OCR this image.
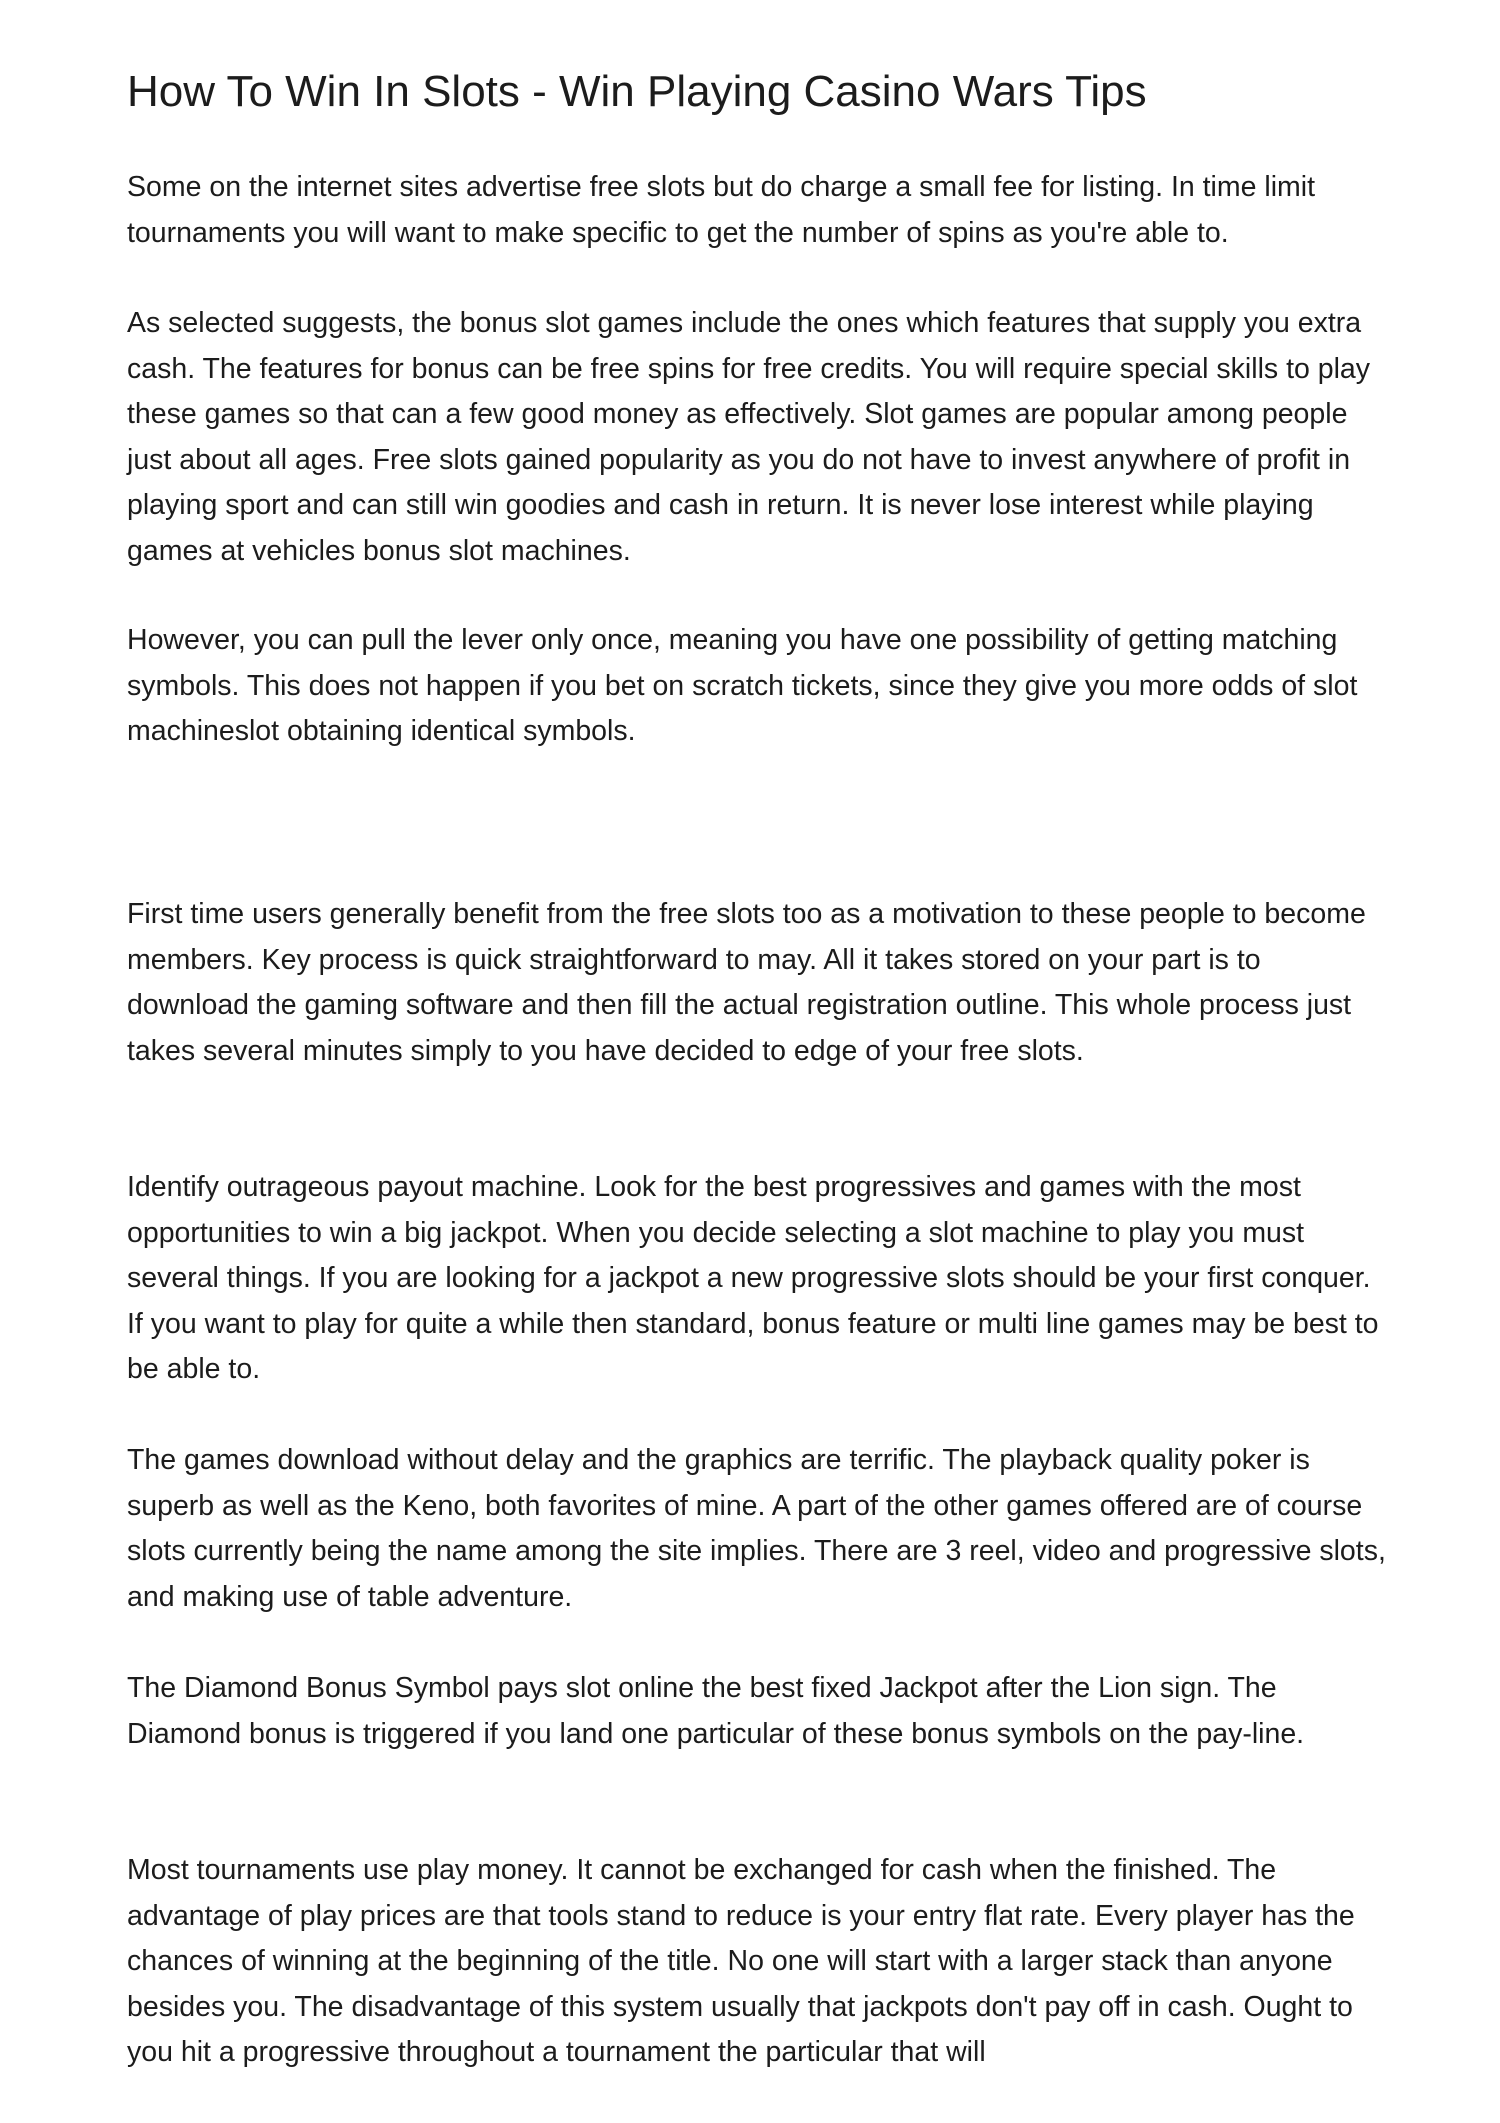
How To Win In Slots - Win Playing Casino Wars Tips

Some on the internet sites advertise free slots but do charge a small fee for listing. In time limit tournaments you will want to make specific to get the number of spins as you're able to.

As selected suggests, the bonus slot games include the ones which features that supply you extra cash. The features for bonus can be free spins for free credits. You will require special skills to play these games so that can a few good money as effectively. Slot games are popular among people just about all ages. Free slots gained popularity as you do not have to invest anywhere of profit in playing sport and can still win goodies and cash in return. It is never lose interest while playing games at vehicles bonus slot machines.

However, you can pull the lever only once, meaning you have one possibility of getting matching symbols. This does not happen if you bet on scratch tickets, since they give you more odds of slot machineslot obtaining identical symbols.

First time users generally benefit from the free slots too as a motivation to these people to become members. Key process is quick straightforward to may. All it takes stored on your part is to download the gaming software and then fill the actual registration outline. This whole process just takes several minutes simply to you have decided to edge of your free slots.

Identify outrageous payout machine. Look for the best progressives and games with the most opportunities to win a big jackpot. When you decide selecting a slot machine to play you must several things. If you are looking for a jackpot a new progressive slots should be your first conquer. If you want to play for quite a while then standard, bonus feature or multi line games may be best to be able to.

The games download without delay and the graphics are terrific. The playback quality poker is superb as well as the Keno, both favorites of mine. A part of the other games offered are of course slots currently being the name among the site implies. There are 3 reel, video and progressive slots, and making use of table adventure.

The Diamond Bonus Symbol pays slot online the best fixed Jackpot after the Lion sign. The Diamond bonus is triggered if you land one particular of these bonus symbols on the pay-line.

Most tournaments use play money. It cannot be exchanged for cash when the finished. The advantage of play prices are that tools stand to reduce is your entry flat rate. Every player has the chances of winning at the beginning of the title. No one will start with a larger stack than anyone besides you. The disadvantage of this system usually that jackpots don't pay off in cash. Ought to you hit a progressive throughout a tournament the particular that will
